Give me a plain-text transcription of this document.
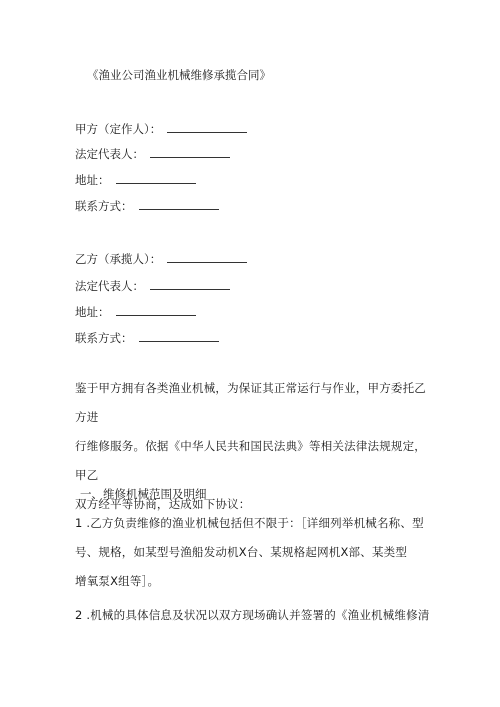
《渔业公司渔业机械维修承揽合同》
甲方（定作人）：
法定代表人：
地址：
联系方式：
乙方（承揽人）：
法定代表人：
地址：
联系方式：
鉴于甲方拥有各类渔业机械，为保证其正常运行与作业，甲方委托乙方进
行维修服务。依据《中华人民共和国民法典》等相关法律法规规定，甲乙
双方经平等协商，达成如下协议：
一、维修机械范围及明细
1 .乙方负责维修的渔业机械包括但不限于：［详细列举机械名称、型
号、规格，如某型号渔船发动机X台、某规格起网机X部、某类型
增氧泵X组等］。
2 .机械的具体信息及状况以双方现场确认并签署的《渔业机械维修清
